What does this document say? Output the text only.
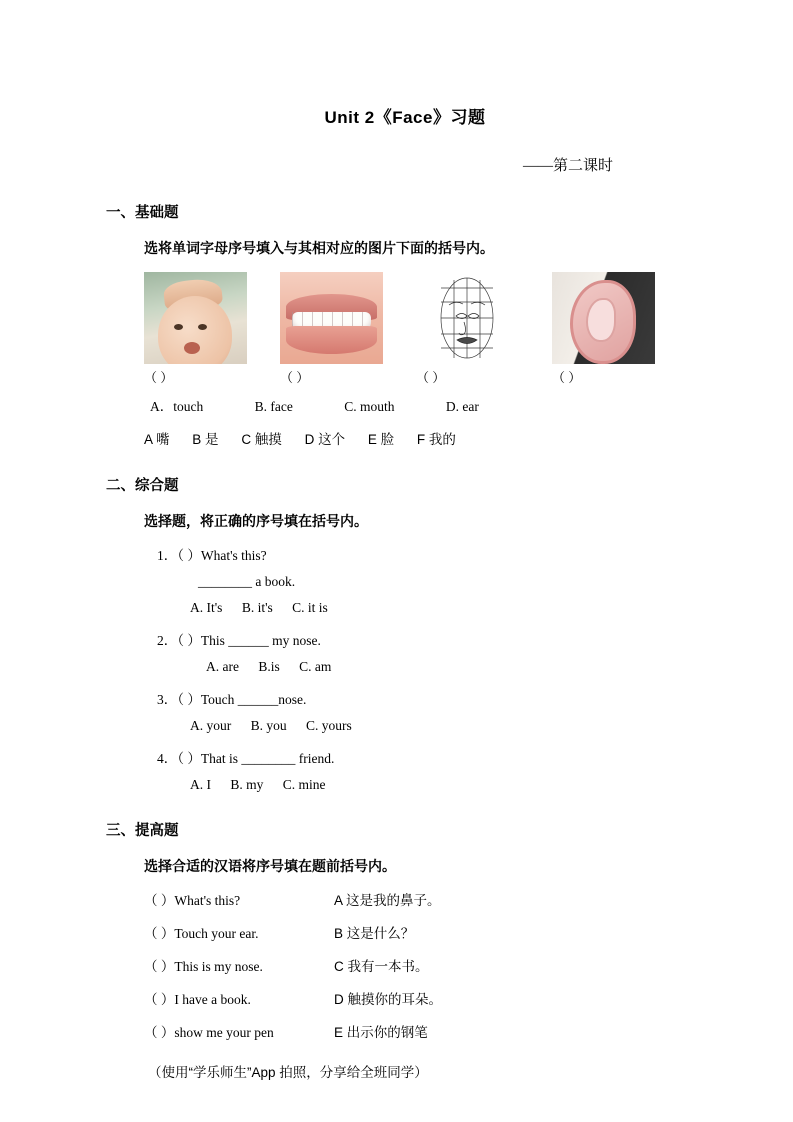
Unit 2《Face》习题
——第二课时
一、基础题
选将单词字母序号填入与其相对应的图片下面的括号内。
（ ）	（ ）	（ ）	（ ）
A．touch	B. face	C. mouth	D. ear
A 嘴 B 是 C 触摸 D 这个 E 脸 F 我的
二、综合题
选择题，将正确的序号填在括号内。
1．（ ）What's this?
________ a book.
A. It's B. it's C. it is
2．（ ）This ______ my nose.
A. are B.is C. am
3．（ ）Touch ______nose.
A. your B. you C. yours
4．（ ）That is ________ friend.
A. I B. my C. mine
三、提高题
选择合适的汉语将序号填在题前括号内。
（ ）What's this?	A 这是我的鼻子。
（ ）Touch your ear.	B 这是什么？
（ ）This is my nose.	C 我有一本书。
（ ）I have a book.	D 触摸你的耳朵。
（ ）show me your pen	E 出示你的钢笔
（使用“学乐师生”App 拍照，分享给全班同学）
